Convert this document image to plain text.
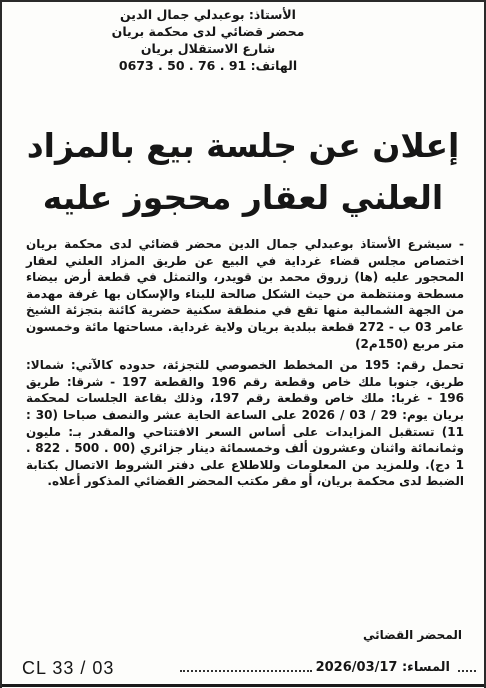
الأستاذ: بوعبدلي جمال الدين
محضر قضائي لدى محكمة بريان
شارع الاستقلال بريان
الهاتف: 91 . 76 . 50 . 0673
إعلان عن جلسة بيع بالمزاد
العلني لعقار محجوز عليه

- سيشرع الأستاذ بوعبدلي جمال الدين محضر قضائي لدى محكمة بريان اختصاص مجلس قضاء غرداية في البيع عن طريق المزاد العلني لعقار المحجور عليه (ها) زروق محمد بن قويدر، والتمثل في قطعة أرض بيضاء مسطحة ومنتظمة من حيث الشكل صالحة للبناء والإسكان بها غرفة مهدمة من الجهة الشمالية منها تقع في منطقة سكنية حضرية كائنة بتجزئة الشيخ عامر 03 ب - 272 قطعة ببلدية بريان ولاية غرداية. مساحتها مائة وخمسون متر مربع (150م2)

تحمل رقم: 195 من المخطط الخصوصي للتجزئة، حدوده كالآتي: شمالا: طريق، جنوبا ملك خاص وقطعة رقم 196 والقطعة 197 - شرقا: طريق 196 - غربا: ملك خاص وقطعة رقم 197، وذلك بقاعة الجلسات لمحكمة بريان يوم: 29 / 03 / 2026 على الساعة الحاية عشر والنصف صباحا (30 : 11) تستقبل المزايدات على أساس السعر الافتتاحي والمقدر بـ: مليون وثمانمائة واثنان وعشرون ألف وخمسمائة دينار جزائري (00 . 500 . 822 . 1 دج). وللمزيد من المعلومات وللاطلاع على دفتر الشروط الاتصال بكتابة الضبط لدى محكمة بريان، أو مقر مكتب المحضر القضائي المذكور أعلاه.

المحضر القضائي
CL 33 / 03	المساء: 2026/03/17
